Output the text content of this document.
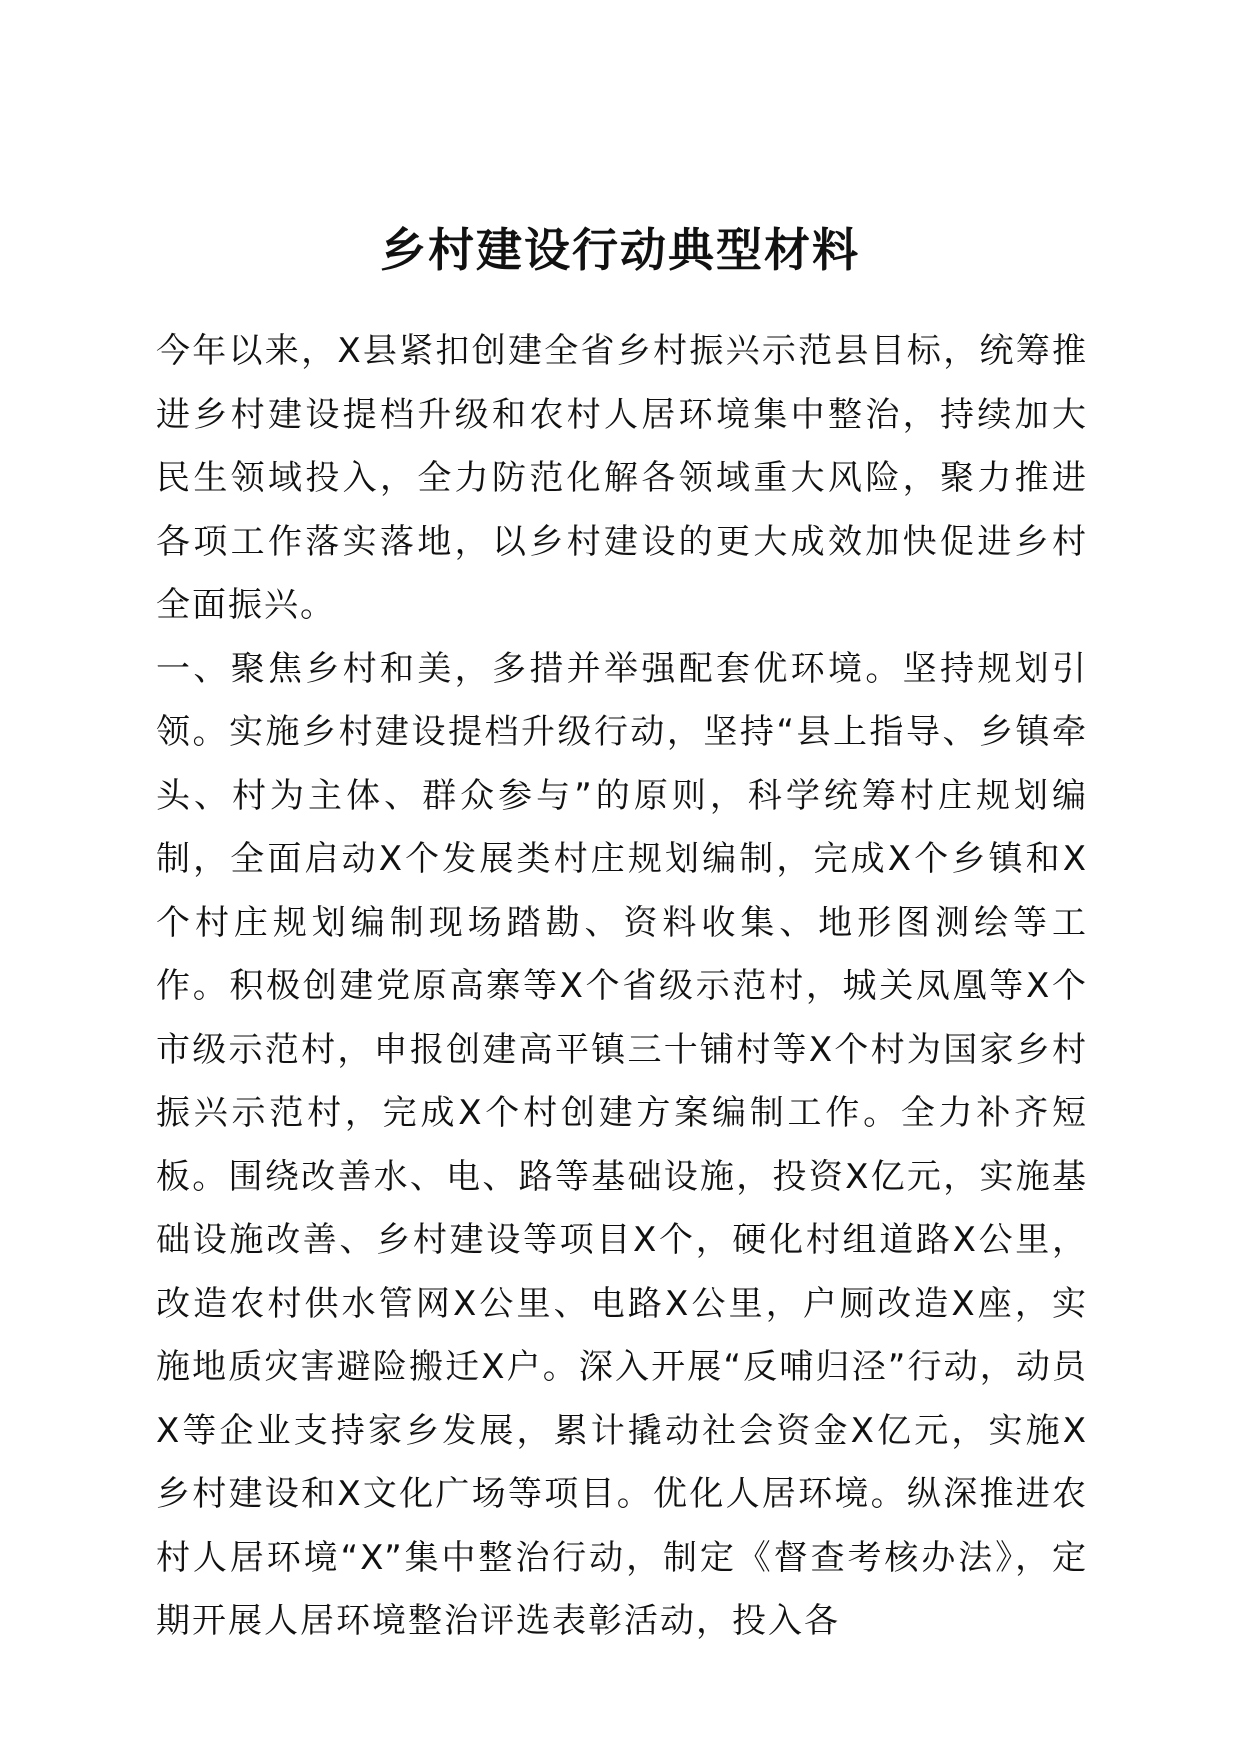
乡村建设行动典型材料

今年以来，X县紧扣创建全省乡村振兴示范县目标，统筹推进乡村建设提档升级和农村人居环境集中整治，持续加大民生领域投入，全力防范化解各领域重大风险，聚力推进各项工作落实落地，以乡村建设的更大成效加快促进乡村全面振兴。

一、聚焦乡村和美，多措并举强配套优环境。坚持规划引领。实施乡村建设提档升级行动，坚持“县上指导、乡镇牵头、村为主体、群众参与”的原则，科学统筹村庄规划编制，全面启动X个发展类村庄规划编制，完成X个乡镇和X个村庄规划编制现场踏勘、资料收集、地形图测绘等工作。积极创建党原高寨等X个省级示范村，城关凤凰等X个市级示范村，申报创建高平镇三十铺村等X个村为国家乡村振兴示范村，完成X个村创建方案编制工作。全力补齐短板。围绕改善水、电、路等基础设施，投资X亿元，实施基础设施改善、乡村建设等项目X个，硬化村组道路X公里，改造农村供水管网X公里、电路X公里，户厕改造X座，实施地质灾害避险搬迁X户。深入开展“反哺归泾”行动，动员X等企业支持家乡发展，累计撬动社会资金X亿元，实施X乡村建设和X文化广场等项目。优化人居环境。纵深推进农村人居环境“X”集中整治行动，制定《督查考核办法》，定期开展人居环境整治评选表彰活动，投入各
